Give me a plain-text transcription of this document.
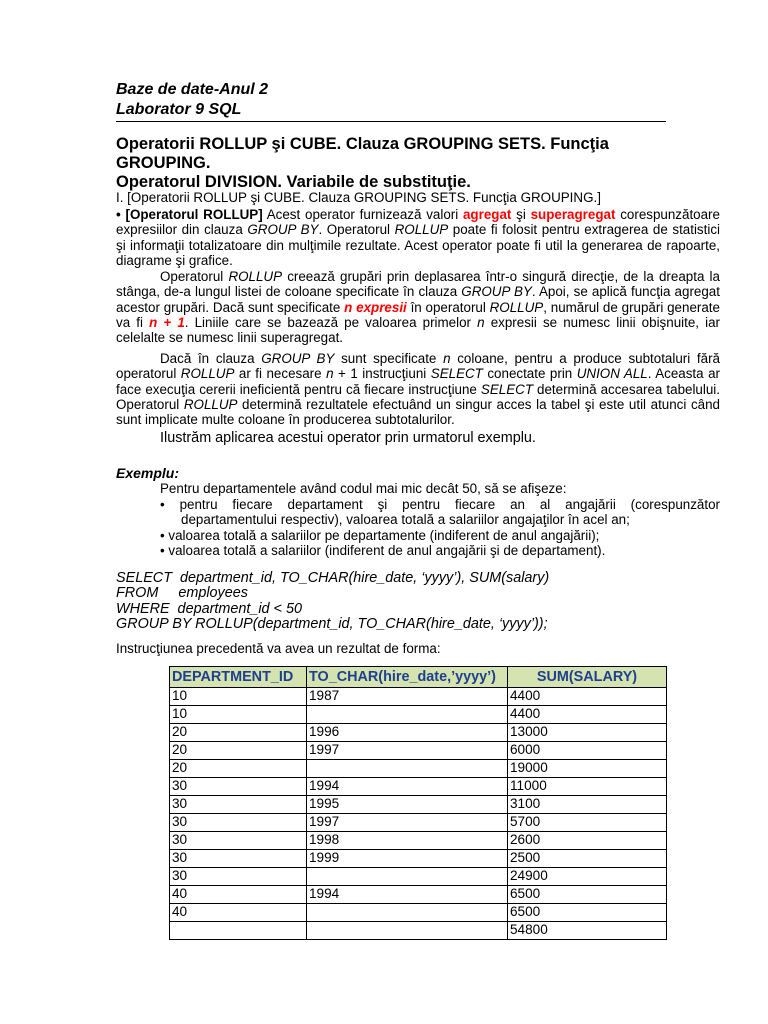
Baze de date-Anul 2
Laborator 9 SQL
Operatorii ROLLUP şi CUBE. Clauza GROUPING SETS. Funcţia GROUPING.
Operatorul DIVISION. Variabile de substituţie.
I. [Operatorii ROLLUP şi CUBE. Clauza GROUPING SETS. Funcţia GROUPING.]
• [Operatorul ROLLUP] Acest operator furnizează valori agregat şi superagregat corespunzătoare expresiilor din clauza GROUP BY. Operatorul ROLLUP poate fi folosit pentru extragerea de statistici şi informaţii totalizatoare din mulţimile rezultate. Acest operator poate fi util la generarea de rapoarte, diagrame şi grafice.
Operatorul ROLLUP creează grupări prin deplasarea într-o singură direcţie, de la dreapta la stânga, de-a lungul listei de coloane specificate în clauza GROUP BY. Apoi, se aplică funcţia agregat acestor grupări. Dacă sunt specificate n expresii în operatorul ROLLUP, numărul de grupări generate va fi n + 1. Liniile care se bazează pe valoarea primelor n expresii se numesc linii obişnuite, iar celelalte se numesc linii superagregat.
Dacă în clauza GROUP BY sunt specificate n coloane, pentru a produce subtotaluri fără operatorul ROLLUP ar fi necesare n + 1 instrucţiuni SELECT conectate prin UNION ALL. Aceasta ar face execuţia cererii ineficientă pentru că fiecare instrucţiune SELECT determină accesarea tabelului. Operatorul ROLLUP determină rezultatele efectuând un singur acces la tabel şi este util atunci când sunt implicate multe coloane în producerea subtotalurilor.
Ilustrăm aplicarea acestui operator prin urmatorul exemplu.
Exemplu:
Pentru departamentele având codul mai mic decât 50, să se afişeze:
• pentru fiecare departament şi pentru fiecare an al angajării (corespunzător
departamentului respectiv), valoarea totală a salariilor angajaţilor în acel an;
• valoarea totală a salariilor pe departamente (indiferent de anul angajării);
• valoarea totală a salariilor (indiferent de anul angajării şi de departament).
SELECT  department_id, TO_CHAR(hire_date, ‘yyyy’), SUM(salary)
FROM     employees
WHERE  department_id < 50
GROUP BY ROLLUP(department_id, TO_CHAR(hire_date, ‘yyyy’));
Instrucţiunea precedentă va avea un rezultat de forma:
DEPARTMENT_ID	TO_CHAR(hire_date,’yyyy’)	SUM(SALARY)
10	1987	4400
10		4400
20	1996	13000
20	1997	6000
20		19000
30	1994	11000
30	1995	3100
30	1997	5700
30	1998	2600
30	1999	2500
30		24900
40	1994	6500
40		6500
		54800
